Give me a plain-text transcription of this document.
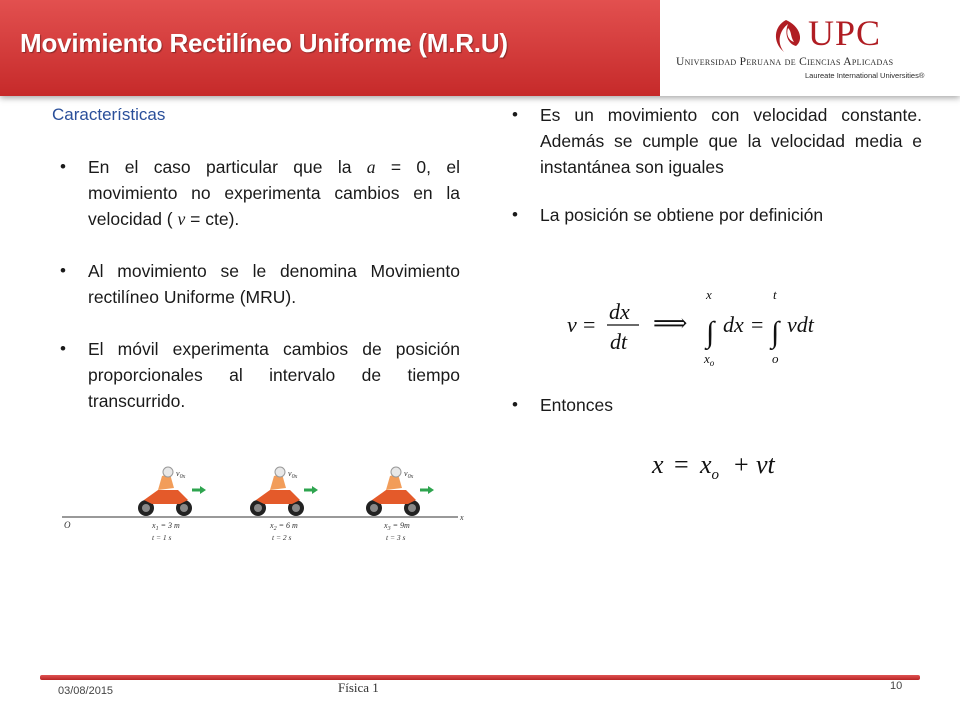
Movimiento Rectilíneo Uniforme (M.R.U)	UPC
Universidad Peruana de Ciencias Aplicadas
Laureate International Universities®
Características
• En el caso particular que la a = 0, el movimiento no experimenta cambios en la velocidad ( v = cte).
• Al movimiento se le denomina Movimiento rectilíneo Uniforme (MRU).
• El móvil experimenta cambios de posición proporcionales al intervalo de tiempo transcurrido.
O
x
$v_{0x}$	$v_{0x}$	$v_{0x}$
$x_1 = 3$ m
t = 1 s
$x_2 = 6$ m
t = 2 s
$x_3 = 9m$
t = 3 s
• Es un movimiento con velocidad constante. Además se cumple que la velocidad media e instantánea son iguales
• La posición se obtiene por definición
v =
dx
dt
⟹
x
∫
$x_o$
dx =
t
∫
o
vdt
• Entonces
$x = x_o$ + vt
03/08/2015	Física 1	10
